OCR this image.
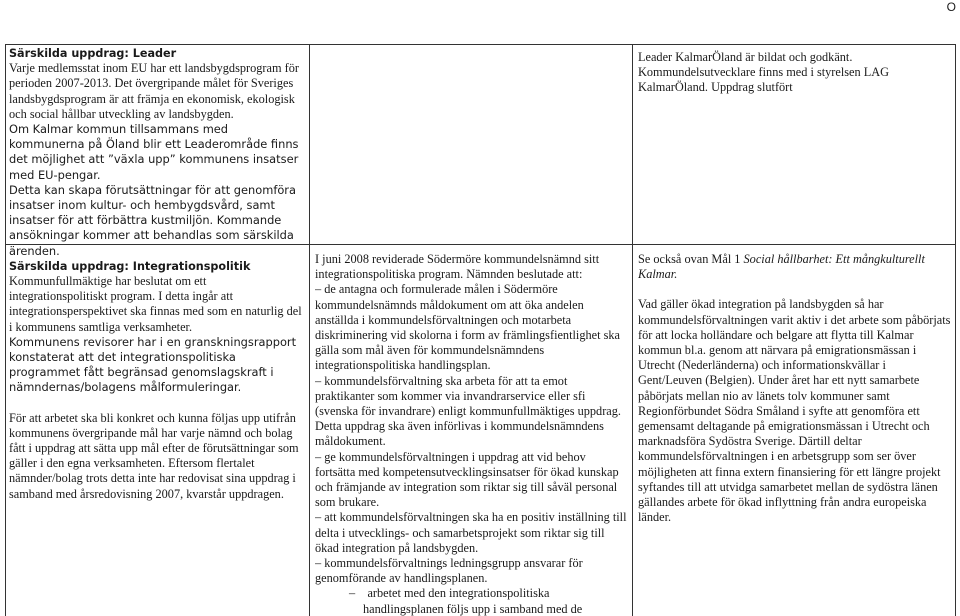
O

Särskilda uppdrag: Leader

Varje medlemsstat inom EU har ett landsbygdsprogram för perioden 2007-2013. Det övergripande målet för Sveriges landsbygdsprogram är att främja en ekonomisk, ekologisk och social hållbar utveckling av landsbygden.

Om Kalmar kommun tillsammans med kommunerna på Öland blir ett Leaderområde finns det möjlighet att ”växla upp” kommunens insatser med EU-pengar.

Detta kan skapa förutsättningar för att genomföra insatser inom kultur- och hembygdsvård, samt insatser för att förbättra kustmiljön. Kommande ansökningar kommer att behandlas som särskilda ärenden.

Särskilda uppdrag: Integrationspolitik

Kommunfullmäktige har beslutat om ett integrationspolitiskt program. I detta ingår att integrationsperspektivet ska finnas med som en naturlig del i kommunens samtliga verksamheter.

Kommunens revisorer har i en granskningsrapport konstaterat att det integrationspolitiska programmet fått begränsad genomslagskraft i nämndernas/bolagens målformuleringar.

För att arbetet ska bli konkret och kunna följas upp utifrån kommunens övergripande mål har varje nämnd och bolag fått i uppdrag att sätta upp mål efter de förutsättningar som gäller i den egna verksamheten. Eftersom flertalet nämnder/bolag trots detta inte har redovisat sina uppdrag i samband med årsredovisning 2007, kvarstår uppdragen.

I juni 2008 reviderade Södermöre kommundelsnämnd sitt integrationspolitiska program. Nämnden beslutade att:

– de antagna och formulerade målen i Södermöre kommundelsnämnds måldokument om att öka andelen anställda i kommundelsförvaltningen och motarbeta diskriminering vid skolorna i form av främlingsfientlighet ska gälla som mål även för kommundelsnämndens integrationspolitiska handlingsplan.

– kommundelsförvaltning ska arbeta för att ta emot praktikanter som kommer via invandrarservice eller sfi (svenska för invandrare) enligt kommunfullmäktiges uppdrag. Detta uppdrag ska även införlivas i kommundelsnämndens måldokument.

– ge kommundelsförvaltningen i uppdrag att vid behov fortsätta med kompetensutvecklingsinsatser för ökad kunskap och främjande av integration som riktar sig till såväl personal som brukare.

– att kommundelsförvaltningen ska ha en positiv inställning till delta i utvecklings- och samarbetsprojekt som riktar sig till ökad integration på landsbygden.

– kommundelsförvaltnings ledningsgrupp ansvarar för genomförande av handlingsplanen.

– arbetet med den integrationspolitiska handlingsplanen följs upp i samband med de

Leader KalmarÖland är bildat och godkänt. Kommundelsutvecklare finns med i styrelsen LAG KalmarÖland. Uppdrag slutfört

Se också ovan Mål 1 Social hållbarhet: Ett mångkulturellt Kalmar.

Vad gäller ökad integration på landsbygden så har kommundelsförvaltningen varit aktiv i det arbete som påbörjats för att locka holländare och belgare att flytta till Kalmar kommun bl.a. genom att närvara på emigrationsmässan i Utrecht (Nederländerna) och informationskvällar i Gent/Leuven (Belgien). Under året har ett nytt samarbete påbörjats mellan nio av länets tolv kommuner samt Regionförbundet Södra Småland i syfte att genomföra ett gemensamt deltagande på emigrationsmässan i Utrecht och marknadsföra Sydöstra Sverige. Därtill deltar kommundelsförvaltningen i en arbetsgrupp som ser över möjligheten att finna extern finansiering för ett längre projekt syftandes till att utvidga samarbetet mellan de sydöstra länen gällandes arbete för ökad inflyttning från andra europeiska länder.
